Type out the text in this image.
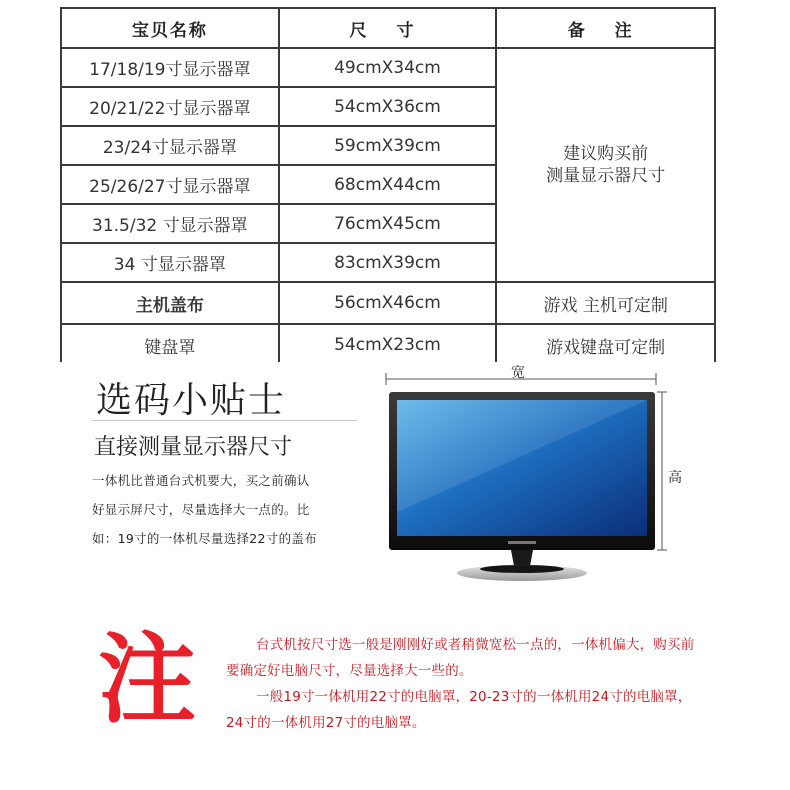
宝贝名称	尺 寸	备 注
17/18/19寸显示器罩	49cmX34cm	建议购买前
测量显示器尺寸
20/21/22寸显示器罩	54cmX36cm	
23/24寸显示器罩	59cmX39cm	
25/26/27寸显示器罩	68cmX44cm	
31.5/32 寸显示器罩	76cmX45cm	
34 寸显示器罩	83cmX39cm	
主机盖布	56cmX46cm	游戏 主机可定制
键盘罩	54cmX23cm	游戏键盘可定制
选码小贴士
直接测量显示器尺寸
一体机比普通台式机要大，买之前确认好显示屏尺寸，尽量选择大一点的。比如：19寸的一体机尽量选择22寸的盖布
宽
高
注	台式机按尺寸选一般是刚刚好或者稍微宽松一点的，一体机偏大，购买前要确定好电脑尺寸，尽量选择大一些的。

一般19寸一体机用22寸的电脑罩，20-23寸的一体机用24寸的电脑罩，24寸的一体机用27寸的电脑罩。
